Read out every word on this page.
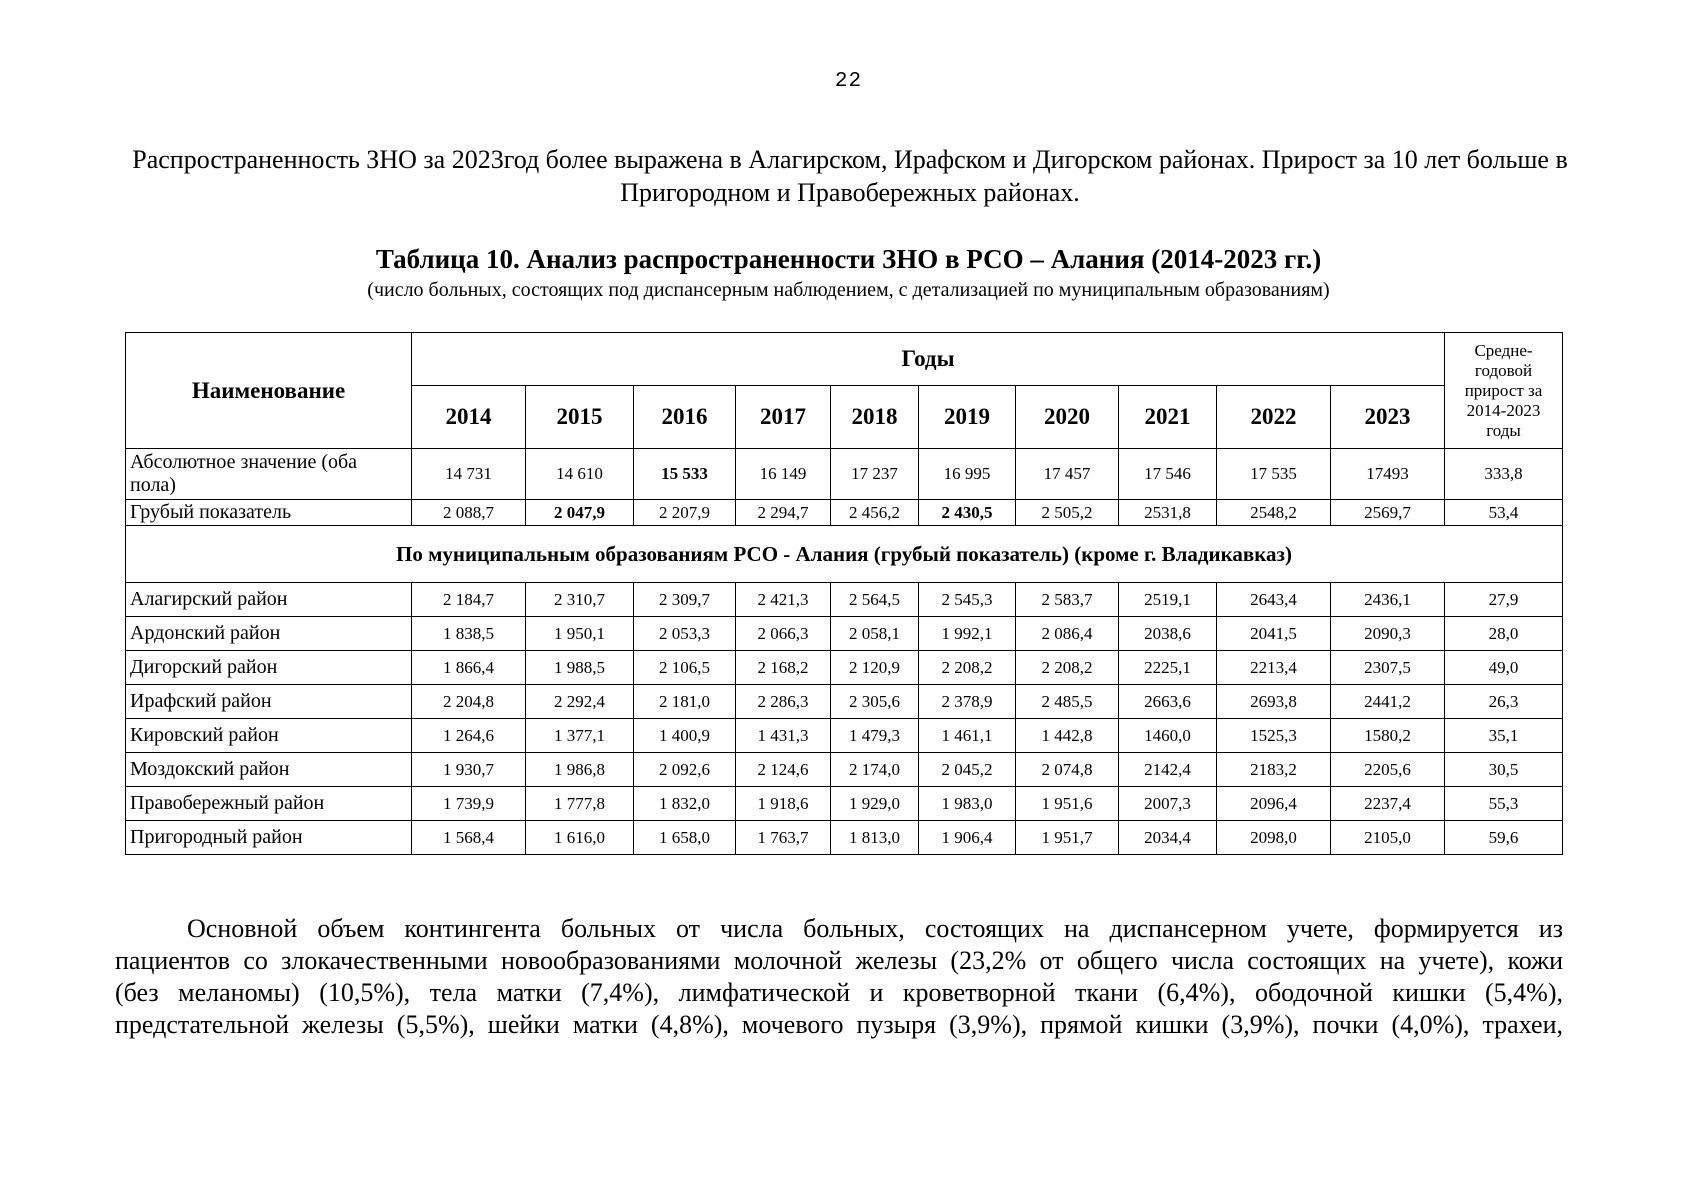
22
Распространенность ЗНО за 2023год более выражена в Алагирском, Ирафском и Дигорском районах. Прирост за 10 лет больше в Пригородном и Правобережных районах.
Таблица 10. Анализ распространенности ЗНО в РСО – Алания (2014-2023 гг.)
(число больных, состоящих под диспансерным наблюдением, с детализацией по муниципальным образованиям)
Наименование	Годы										Средне-годовой прирост за 2014-2023 годы
	2014	2015	2016	2017	2018	2019	2020	2021	2022	2023	
Абсолютное значение (оба пола)	14 731	14 610	15 533	16 149	17 237	16 995	17 457	17 546	17 535	17493	333,8
Грубый показатель	2 088,7	2 047,9	2 207,9	2 294,7	2 456,2	2 430,5	2 505,2	2531,8	2548,2	2569,7	53,4
По муниципальным образованиям РСО - Алания (грубый показатель) (кроме г. Владикавказ)											
Алагирский район	2 184,7	2 310,7	2 309,7	2 421,3	2 564,5	2 545,3	2 583,7	2519,1	2643,4	2436,1	27,9
Ардонский район	1 838,5	1 950,1	2 053,3	2 066,3	2 058,1	1 992,1	2 086,4	2038,6	2041,5	2090,3	28,0
Дигорский район	1 866,4	1 988,5	2 106,5	2 168,2	2 120,9	2 208,2	2 208,2	2225,1	2213,4	2307,5	49,0
Ирафский район	2 204,8	2 292,4	2 181,0	2 286,3	2 305,6	2 378,9	2 485,5	2663,6	2693,8	2441,2	26,3
Кировский район	1 264,6	1 377,1	1 400,9	1 431,3	1 479,3	1 461,1	1 442,8	1460,0	1525,3	1580,2	35,1
Моздокский район	1 930,7	1 986,8	2 092,6	2 124,6	2 174,0	2 045,2	2 074,8	2142,4	2183,2	2205,6	30,5
Правобережный район	1 739,9	1 777,8	1 832,0	1 918,6	1 929,0	1 983,0	1 951,6	2007,3	2096,4	2237,4	55,3
Пригородный район	1 568,4	1 616,0	1 658,0	1 763,7	1 813,0	1 906,4	1 951,7	2034,4	2098,0	2105,0	59,6
Основной объем контингента больных от числа больных, состоящих на диспансерном учете, формируется из
пациентов со злокачественными новообразованиями молочной железы (23,2% от общего числа состоящих на учете), кожи
(без меланомы) (10,5%), тела матки (7,4%), лимфатической и кроветворной ткани (6,4%), ободочной кишки (5,4%),
предстательной железы (5,5%), шейки матки (4,8%), мочевого пузыря (3,9%), прямой кишки (3,9%), почки (4,0%), трахеи,
